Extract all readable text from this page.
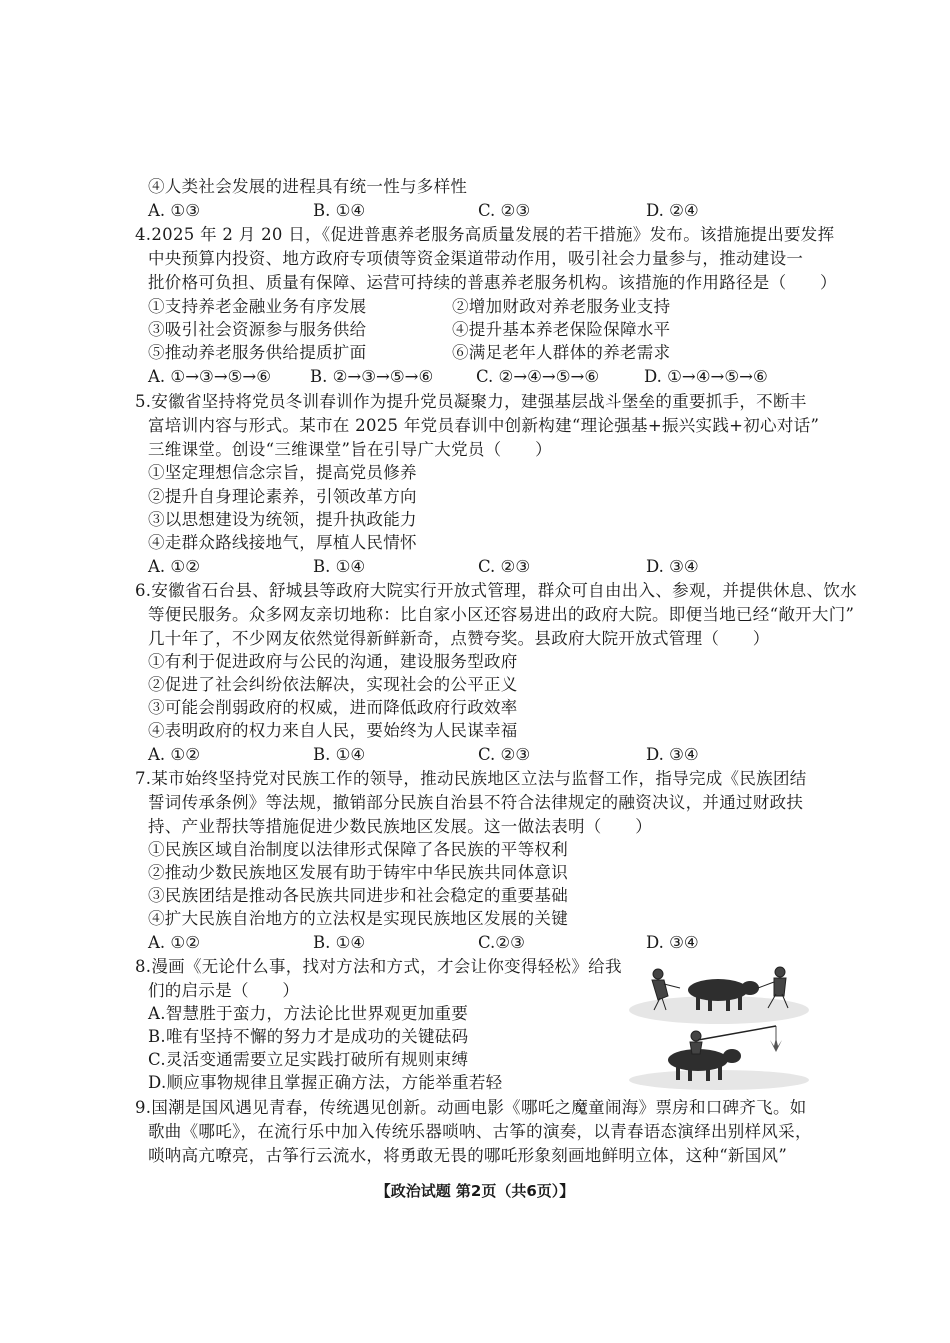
④人类社会发展的进程具有统一性与多样性
A. ①③	B. ①④	C. ②③	D. ②④
4.2025 年 2 月 20 日，《促进普惠养老服务高质量发展的若干措施》发布。该措施提出要发挥
中央预算内投资、地方政府专项债等资金渠道带动作用，吸引社会力量参与，推动建设一
批价格可负担、质量有保障、运营可持续的普惠养老服务机构。该措施的作用路径是（　　）
①支持养老金融业务有序发展	②增加财政对养老服务业支持
③吸引社会资源参与服务供给	④提升基本养老保险保障水平
⑤推动养老服务供给提质扩面	⑥满足老年人群体的养老需求
A. ①→③→⑤→⑥ B. ②→③→⑤→⑥	C. ②→④→⑤→⑥	D. ①→④→⑤→⑥
5.安徽省坚持将党员冬训春训作为提升党员凝聚力，建强基层战斗堡垒的重要抓手，不断丰
富培训内容与形式。某市在 2025 年党员春训中创新构建“理论强基+振兴实践+初心对话”
三维课堂。创设“三维课堂”旨在引导广大党员（　　）
①坚定理想信念宗旨，提高党员修养
②提升自身理论素养，引领改革方向
③以思想建设为统领，提升执政能力
④走群众路线接地气，厚植人民情怀
A. ①②	B. ①④	C. ②③	D. ③④
6.安徽省石台县、舒城县等政府大院实行开放式管理，群众可自由出入、参观，并提供休息、饮水
等便民服务。众多网友亲切地称：比自家小区还容易进出的政府大院。即便当地已经“敞开大门”
几十年了，不少网友依然觉得新鲜新奇，点赞夸奖。县政府大院开放式管理（　　）
①有利于促进政府与公民的沟通，建设服务型政府
②促进了社会纠纷依法解决，实现社会的公平正义
③可能会削弱政府的权威，进而降低政府行政效率
④表明政府的权力来自人民，要始终为人民谋幸福
A. ①②	B. ①④	C. ②③	D. ③④
7.某市始终坚持党对民族工作的领导，推动民族地区立法与监督工作，指导完成《民族团结
誓词传承条例》等法规，撤销部分民族自治县不符合法律规定的融资决议，并通过财政扶
持、产业帮扶等措施促进少数民族地区发展。这一做法表明（　　）
①民族区域自治制度以法律形式保障了各民族的平等权利
②推动少数民族地区发展有助于铸牢中华民族共同体意识
③民族团结是推动各民族共同进步和社会稳定的重要基础
④扩大民族自治地方的立法权是实现民族地区发展的关键
A. ①②	B. ①④	C.②③	D. ③④
8.漫画《无论什么事，找对方法和方式，才会让你变得轻松》给我
们的启示是（　　）
A.智慧胜于蛮力，方法论比世界观更加重要
B.唯有坚持不懈的努力才是成功的关键砝码
C.灵活变通需要立足实践打破所有规则束缚
D.顺应事物规律且掌握正确方法，方能举重若轻
9.国潮是国风遇见青春，传统遇见创新。动画电影《哪吒之魔童闹海》票房和口碑齐飞。如
歌曲《哪吒》，在流行乐中加入传统乐器唢呐、古筝的演奏，以青春语态演绎出别样风采，
唢呐高亢嘹亮，古筝行云流水，将勇敢无畏的哪吒形象刻画地鲜明立体，这种“新国风”
【政治试题 第2页（共6页）】
